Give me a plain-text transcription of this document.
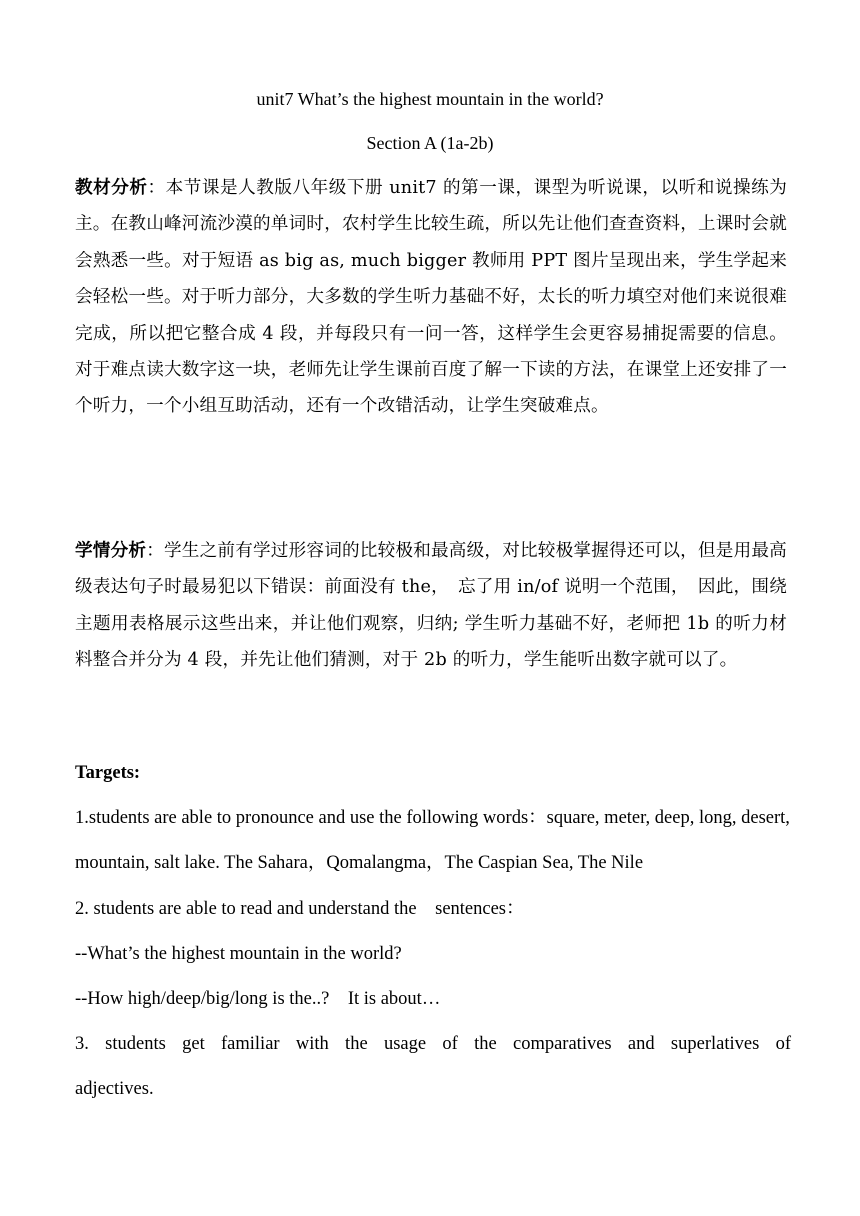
unit7 What’s the highest mountain in the world?
Section A (1a-2b)
教材分析：本节课是人教版八年级下册 unit7 的第一课，课型为听说课，以听和说操练为主。在教山峰河流沙漠的单词时，农村学生比较生疏，所以先让他们查查资料，上课时会就会熟悉一些。对于短语 as big as, much bigger 教师用 PPT 图片呈现出来，学生学起来会轻松一些。对于听力部分，大多数的学生听力基础不好，太长的听力填空对他们来说很难完成，所以把它整合成 4 段，并每段只有一问一答，这样学生会更容易捕捉需要的信息。对于难点读大数字这一块，老师先让学生课前百度了解一下读的方法，在课堂上还安排了一个听力，一个小组互助活动，还有一个改错活动，让学生突破难点。
学情分析：学生之前有学过形容词的比较极和最高级，对比较极掌握得还可以，但是用最高级表达句子时最易犯以下错误：前面没有 the，　忘了用 in/of 说明一个范围，　因此，围绕主题用表格展示这些出来，并让他们观察，归纳; 学生听力基础不好，老师把 1b 的听力材料整合并分为 4 段，并先让他们猜测，对于 2b 的听力，学生能听出数字就可以了。
Targets:
1.students are able to pronounce and use the following words：square, meter, deep, long, desert, mountain, salt lake. The Sahara，Qomalangma，The Caspian Sea, The Nile
2. students are able to read and understand the　sentences：
--What’s the highest mountain in the world?
--How high/deep/big/long is the..?　It is about…
3. students get familiar with the usage of the comparatives and superlatives of adjectives.
